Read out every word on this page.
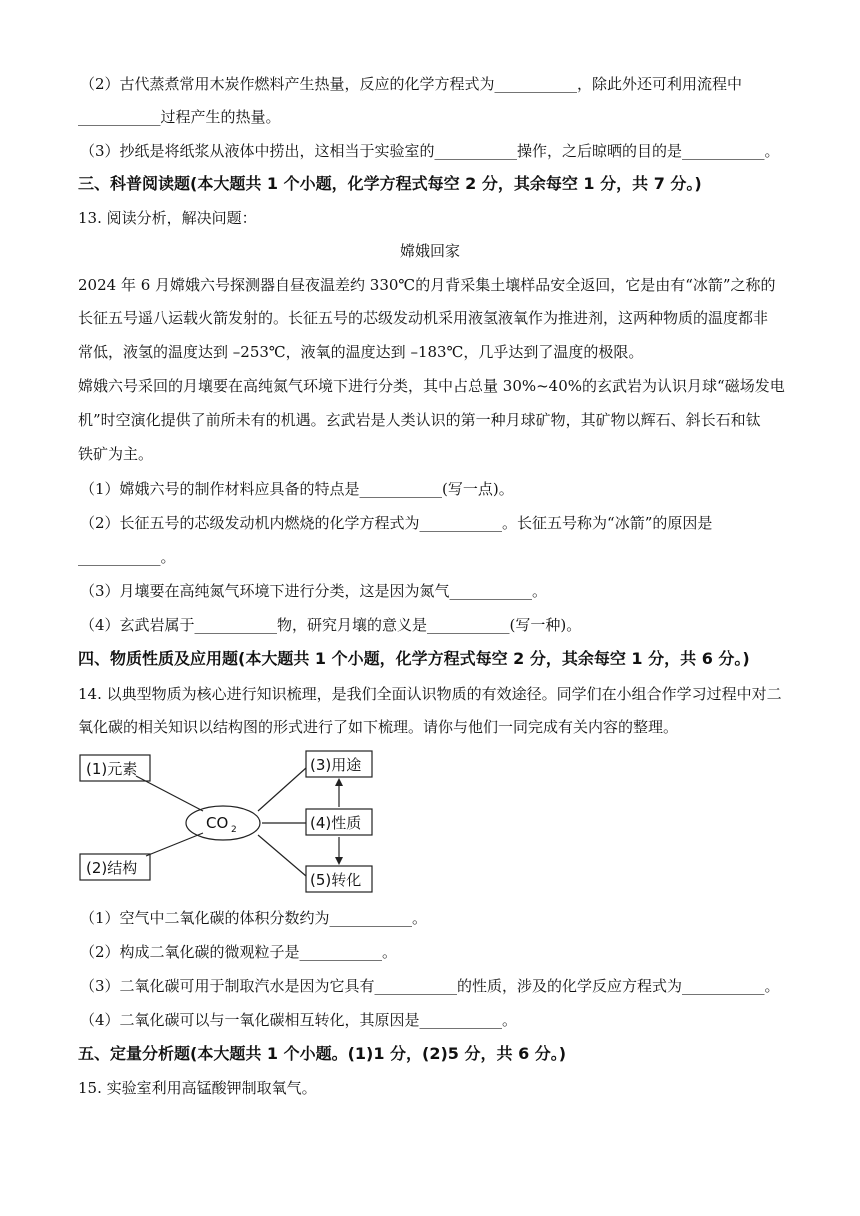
（2）古代蒸煮常用木炭作燃料产生热量，反应的化学方程式为___________，除此外还可利用流程中
___________过程产生的热量。
（3）抄纸是将纸浆从液体中捞出，这相当于实验室的___________操作，之后晾晒的目的是___________。
三、科普阅读题(本大题共 1 个小题，化学方程式每空 2 分，其余每空 1 分，共 7 分。)
13. 阅读分析，解决问题：
嫦娥回家
2024 年 6 月嫦娥六号探测器自昼夜温差约 330℃的月背采集土壤样品安全返回，它是由有“冰箭”之称的
长征五号遥八运载火箭发射的。长征五号的芯级发动机采用液氢液氧作为推进剂，这两种物质的温度都非
常低，液氢的温度达到 –253℃，液氧的温度达到 –183℃，几乎达到了温度的极限。
嫦娥六号采回的月壤要在高纯氮气环境下进行分类，其中占总量 30%~40%的玄武岩为认识月球“磁场发电
机”时空演化提供了前所未有的机遇。玄武岩是人类认识的第一种月球矿物，其矿物以辉石、斜长石和钛
铁矿为主。
（1）嫦娥六号的制作材料应具备的特点是___________(写一点)。
（2）长征五号的芯级发动机内燃烧的化学方程式为___________。长征五号称为“冰箭”的原因是
___________。
（3）月壤要在高纯氮气环境下进行分类，这是因为氮气___________。
（4）玄武岩属于___________物，研究月壤的意义是___________(写一种)。
四、物质性质及应用题(本大题共 1 个小题，化学方程式每空 2 分，其余每空 1 分，共 6 分。)
14. 以典型物质为核心进行知识梳理，是我们全面认识物质的有效途径。同学们在小组合作学习过程中对二
氧化碳的相关知识以结构图的形式进行了如下梳理。请你与他们一同完成有关内容的整理。
(1)元素
(2)结构
(3)用途
(4)性质
(5)转化
CO 2
（1）空气中二氧化碳的体积分数约为___________。
（2）构成二氧化碳的微观粒子是___________。
（3）二氧化碳可用于制取汽水是因为它具有___________的性质，涉及的化学反应方程式为___________。
（4）二氧化碳可以与一氧化碳相互转化，其原因是___________。
五、定量分析题(本大题共 1 个小题。(1)1 分，(2)5 分，共 6 分。)
15. 实验室利用高锰酸钾制取氧气。
